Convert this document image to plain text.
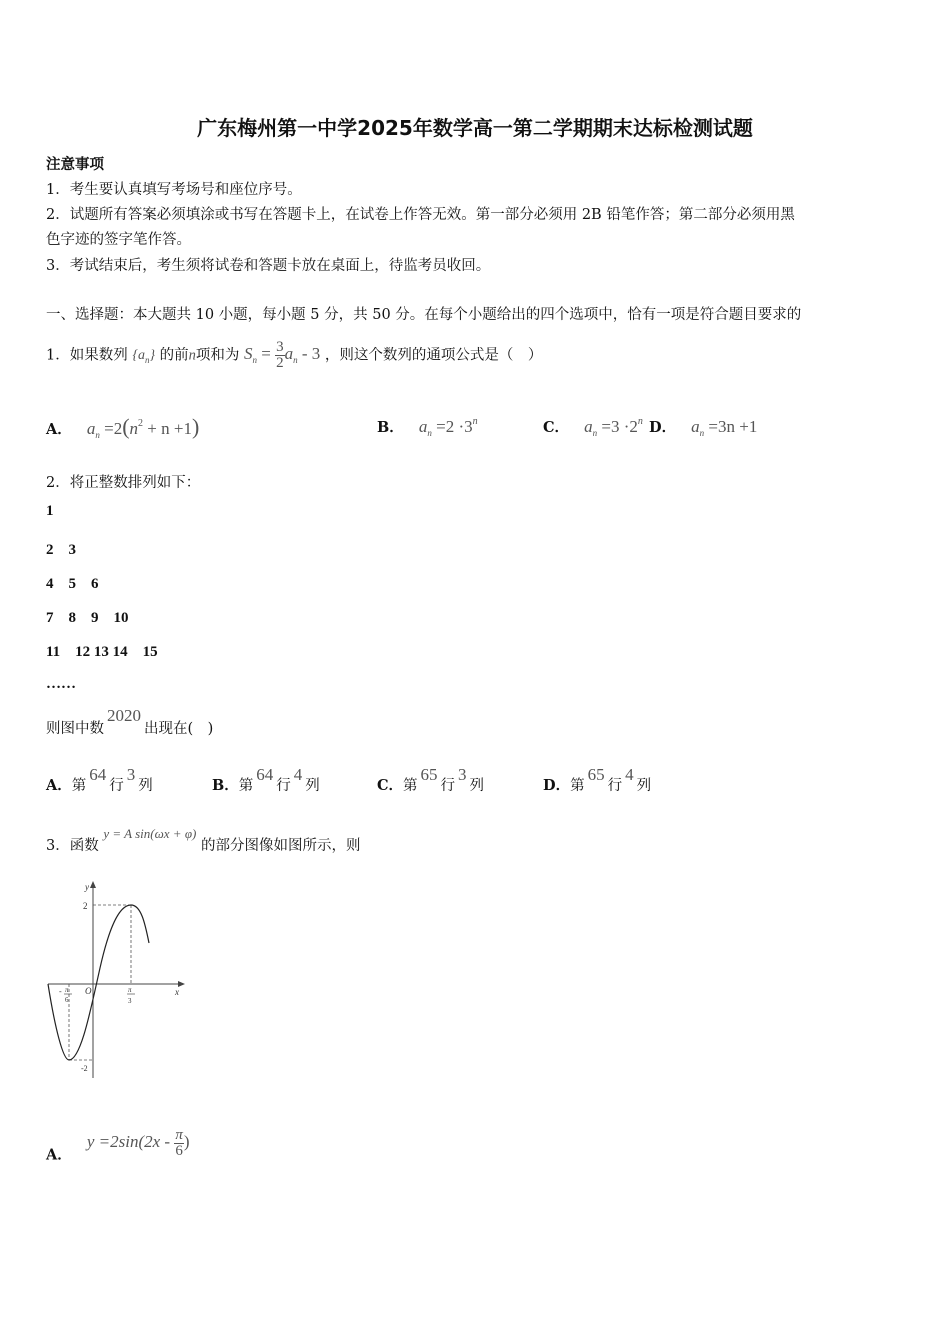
广东梅州第一中学2025年数学高一第二学期期末达标检测试题
注意事项
1．考生要认真填写考场号和座位序号。
2．试题所有答案必须填涂或书写在答题卡上，在试卷上作答无效。第一部分必须用 2B 铅笔作答；第二部分必须用黑
色字迹的签字笔作答。
3．考试结束后，考生须将试卷和答题卡放在桌面上，待监考员收回。
一、选择题：本大题共 10 小题，每小题 5 分，共 50 分。在每个小题给出的四个选项中，恰有一项是符合题目要求的
1．如果数列 $\{a_n\}$ 的前n项和为 $S_n = \frac{3}{2} a_n - 3$ ，则这个数列的通项公式是（　）
A． $a_n =2(n^2 + n +1)$	B． $a_n =2 \cdot 3^n$	C． $a_n =3 \cdot 2^n$ D． $a_n =3n +1$
2．将正整数排列如下：
1
2　3
4　5　6
7　8　9　10
11　12 13 14　15
……
则图中数2020出现在(　)
A．第64行3列	B．第64行4列	C．第65行3列	D．第65行4列
3．函数 y = A sin(ωx + φ) 的部分图像如图所示，则
y
x
O
2
-2
- π
6
π
3
A． $y =2\sin(2x - \frac{\pi}{6}$ )
